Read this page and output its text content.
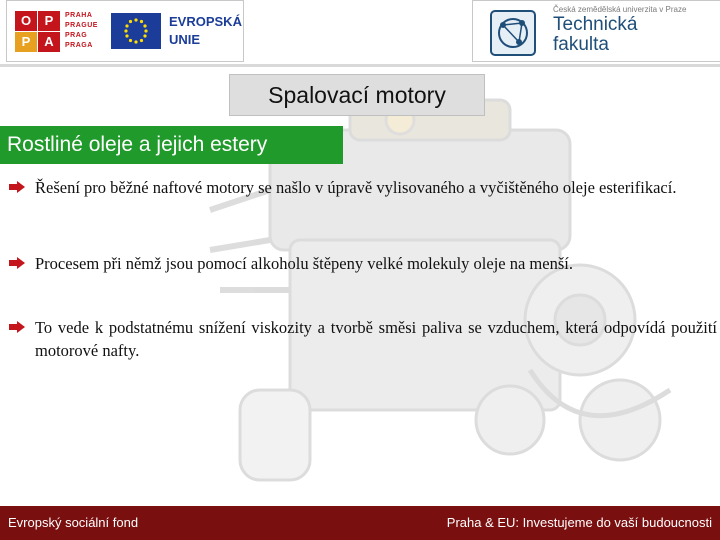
O	P
P	A
PRAHA
PRAGUE
PRAG
PRAGA
EVROPSKÁ
UNIE
Česká zemědělská univerzita v Praze
Technická
fakulta
Spalovací motory
Rostliné oleje a jejich estery
Řešení pro běžné naftové motory se našlo v úpravě vylisovaného a vyčištěného oleje esterifikací.
Procesem při němž jsou pomocí alkoholu štěpeny velké molekuly oleje na menší.
To vede k podstatnému snížení viskozity a tvorbě směsi paliva se vzduchem, která odpovídá použití motorové nafty.
Evropský sociální fond	Praha & EU: Investujeme do vaší budoucnosti
